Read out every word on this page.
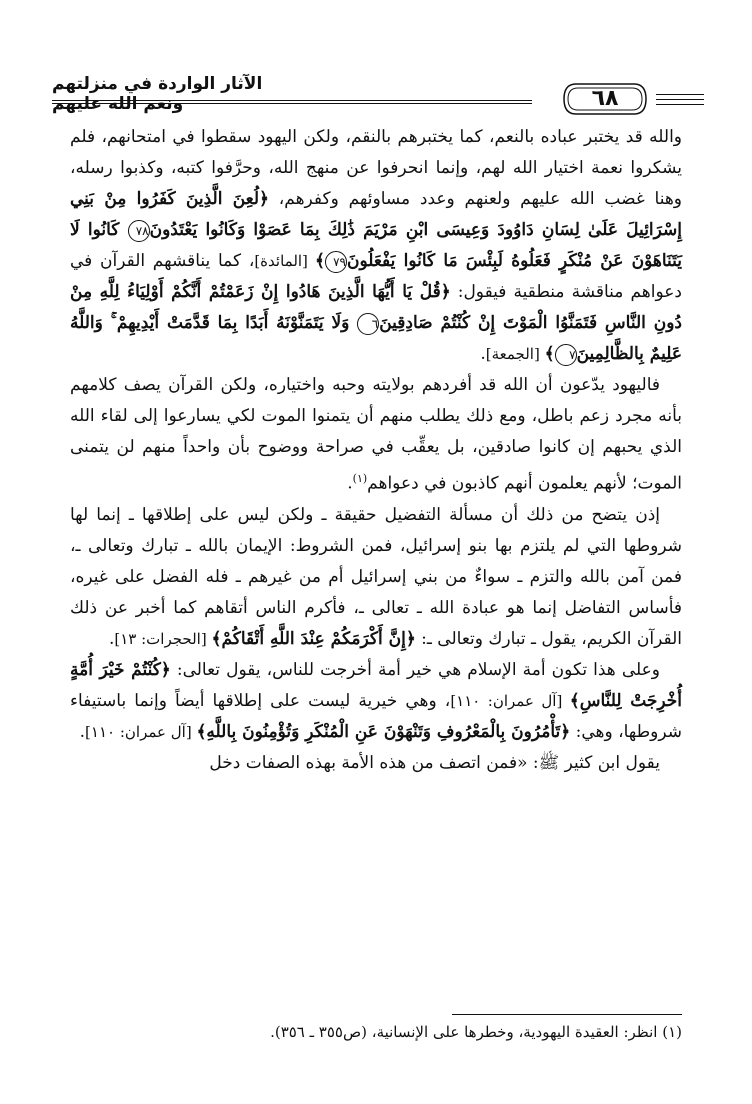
الآثار الواردة في منزلتهم ونعم الله عليهم	٦٨

والله قد يختبر عباده بالنعم، كما يختبرهم بالنقم، ولكن اليهود سقطوا في امتحانهم، فلم يشكروا نعمة اختيار الله لهم، وإنما انحرفوا عن منهج الله، وحرَّفوا كتبه، وكذبوا رسله، وهنا غضب الله عليهم ولعنهم وعدد مساوئهم وكفرهم، ﴿لُعِنَ الَّذِينَ كَفَرُوا مِنْ بَنِي إِسْرَائِيلَ عَلَىٰ لِسَانِ دَاوُودَ وَعِيسَى ابْنِ مَرْيَمَ ذَٰلِكَ بِمَا عَصَوْا وَكَانُوا يَعْتَدُونَ٧٨ كَانُوا لَا يَتَنَاهَوْنَ عَنْ مُنْكَرٍ فَعَلُوهُ لَبِئْسَ مَا كَانُوا يَفْعَلُونَ٧٩﴾ [المائدة]، كما يناقشهم القرآن في دعواهم مناقشة منطقية فيقول: ﴿قُلْ يَا أَيُّهَا الَّذِينَ هَادُوا إِنْ زَعَمْتُمْ أَنَّكُمْ أَوْلِيَاءُ لِلَّهِ مِنْ دُونِ النَّاسِ فَتَمَنَّوُا الْمَوْتَ إِنْ كُنْتُمْ صَادِقِينَ٦ وَلَا يَتَمَنَّوْنَهُ أَبَدًا بِمَا قَدَّمَتْ أَيْدِيهِمْ ۚ وَاللَّهُ عَلِيمٌ بِالظَّالِمِينَ٧﴾ [الجمعة].

فاليهود يدّعون أن الله قد أفردهم بولايته وحبه واختياره، ولكن القرآن يصف كلامهم بأنه مجرد زعم باطل، ومع ذلك يطلب منهم أن يتمنوا الموت لكي يسارعوا إلى لقاء الله الذي يحبهم إن كانوا صادقين، بل يعقِّب في صراحة ووضوح بأن واحداً منهم لن يتمنى الموت؛ لأنهم يعلمون أنهم كاذبون في دعواهم$^{(١)}$.

إذن يتضح من ذلك أن مسألة التفضيل حقيقة ـ ولكن ليس على إطلاقها ـ إنما لها شروطها التي لم يلتزم بها بنو إسرائيل، فمن الشروط: الإيمان بالله ـ تبارك وتعالى ـ، فمن آمن بالله والتزم ـ سواءٌ من بني إسرائيل أم من غيرهم ـ فله الفضل على غيره، فأساس التفاضل إنما هو عبادة الله ـ تعالى ـ، فأكرم الناس أتقاهم كما أخبر عن ذلك القرآن الكريم، يقول ـ تبارك وتعالى ـ: ﴿إِنَّ أَكْرَمَكُمْ عِنْدَ اللَّهِ أَتْقَاكُمْ﴾ [الحجرات: ١٣].

وعلى هذا تكون أمة الإسلام هي خير أمة أخرجت للناس، يقول تعالى: ﴿كُنْتُمْ خَيْرَ أُمَّةٍ أُخْرِجَتْ لِلنَّاسِ﴾ [آل عمران: ١١٠]، وهي خيرية ليست على إطلاقها أيضاً وإنما باستيفاء شروطها، وهي: ﴿تَأْمُرُونَ بِالْمَعْرُوفِ وَتَنْهَوْنَ عَنِ الْمُنْكَرِ وَتُؤْمِنُونَ بِاللَّهِ﴾ [آل عمران: ١١٠].

يقول ابن كثير ﷺ: «فمن اتصف من هذه الأمة بهذه الصفات دخل

(١) انظر: العقيدة اليهودية، وخطرها على الإنسانية، (ص٣٥٥ ـ ٣٥٦).
